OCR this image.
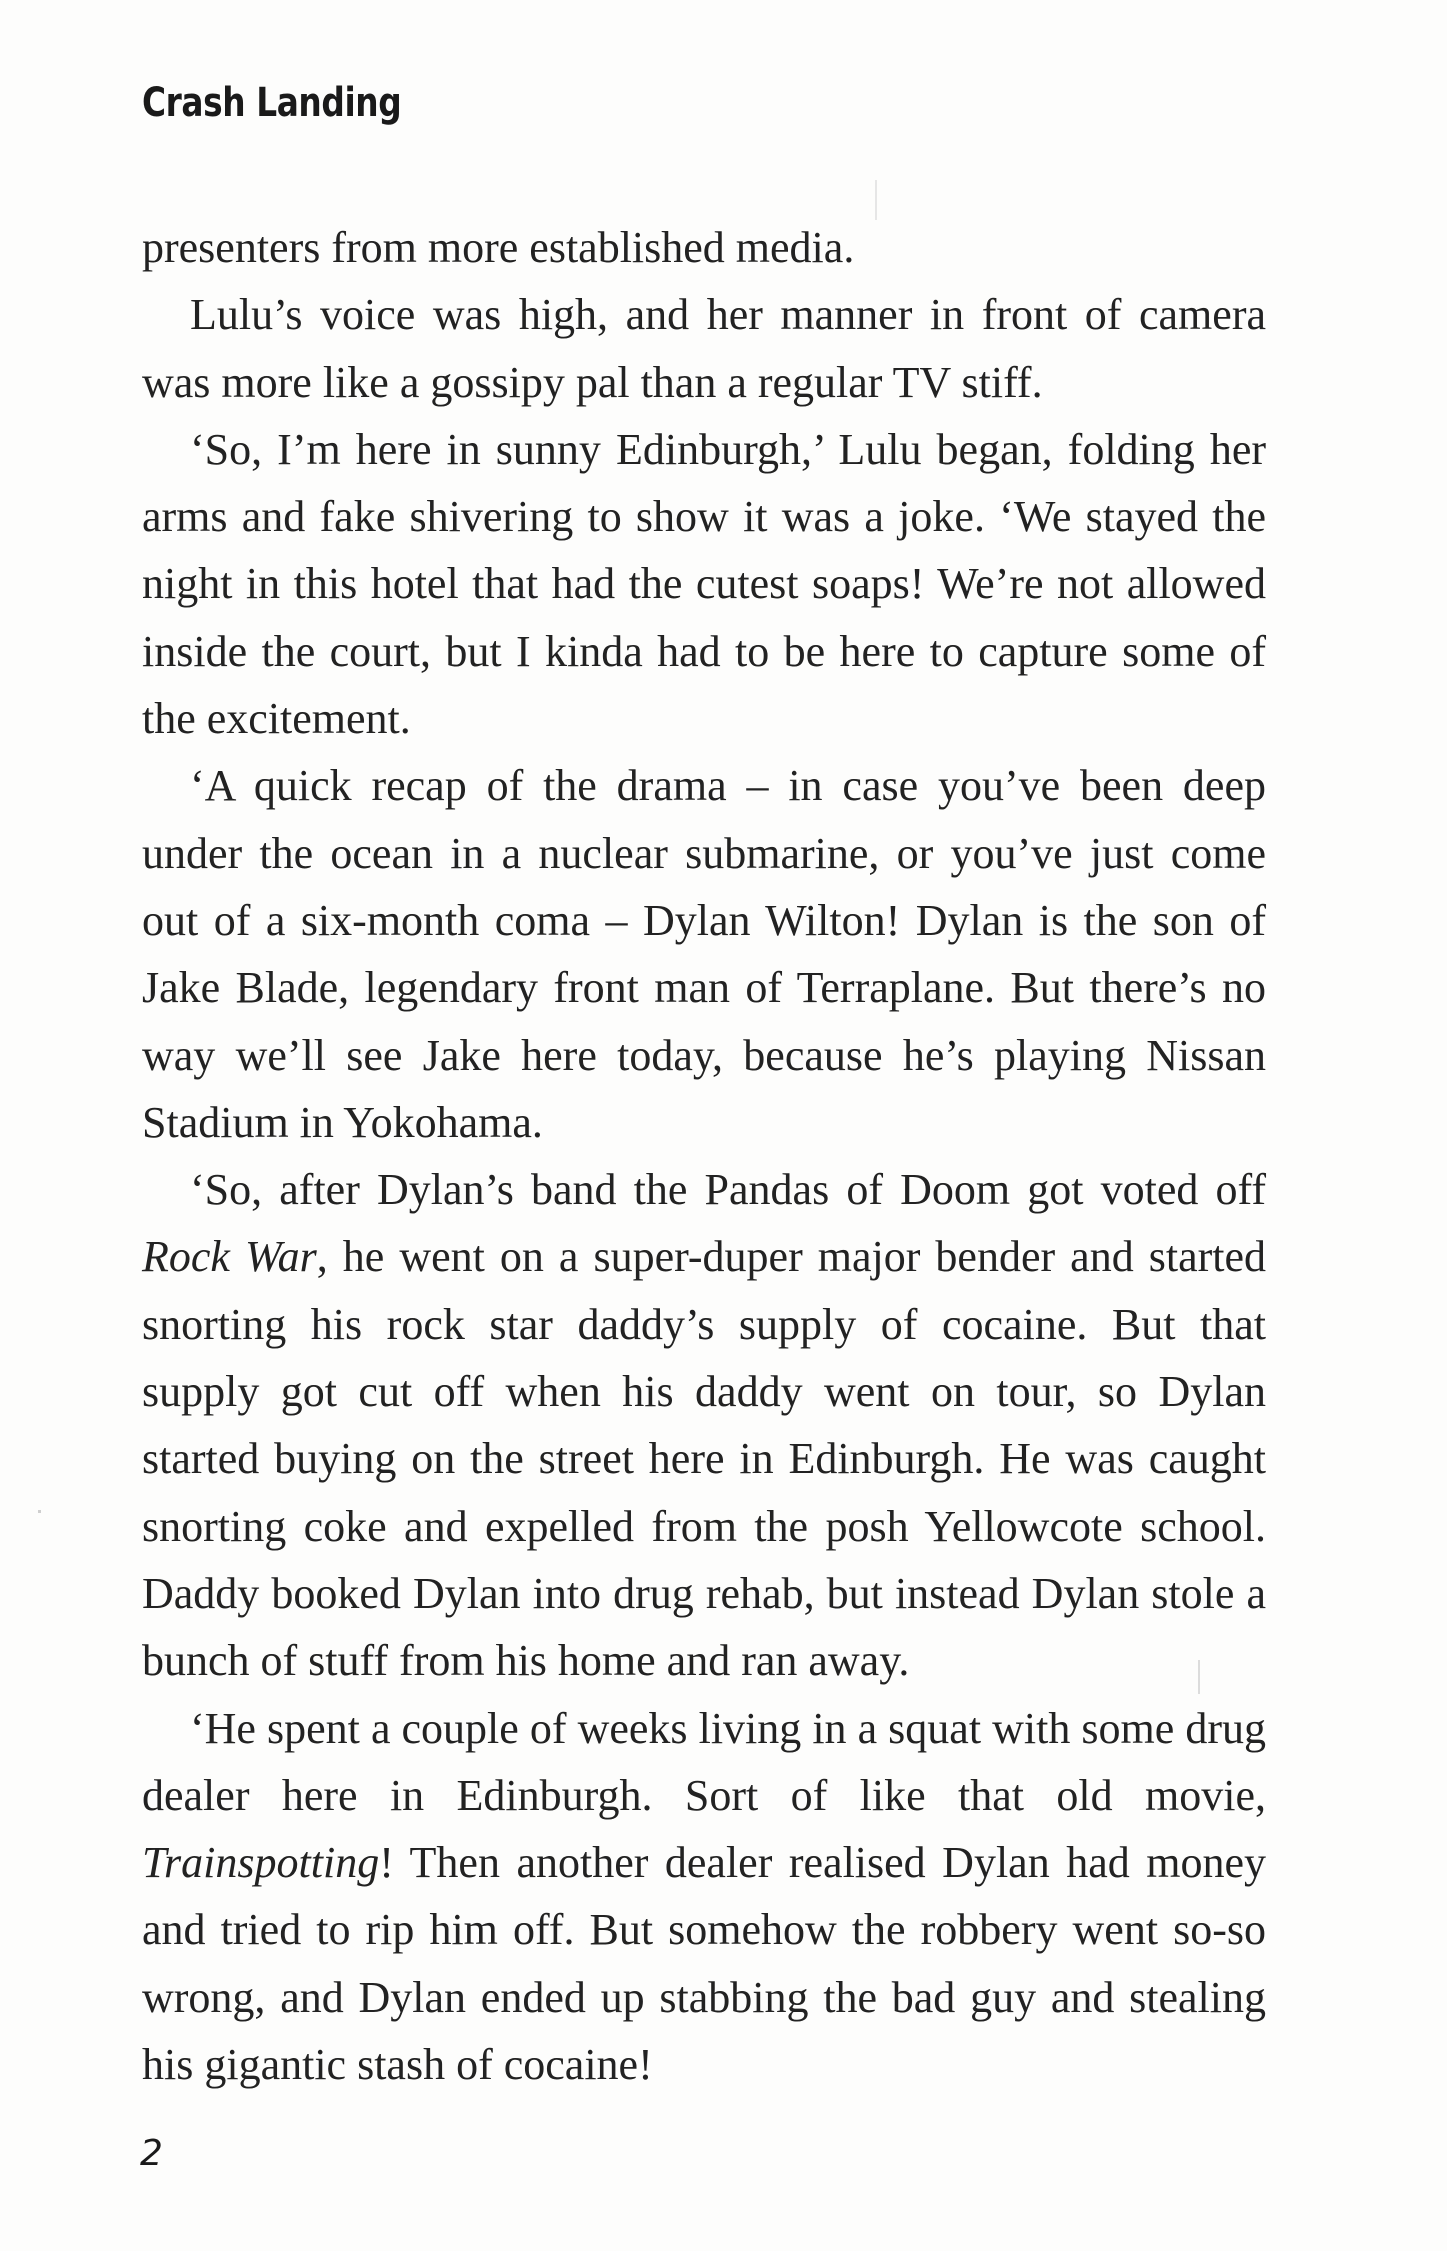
Crash Landing

presenters from more established media.

Lulu’s voice was high, and her manner in front of camera was more like a gossipy pal than a regular TV stiff.

‘So, I’m here in sunny Edinburgh,’ Lulu began, folding her arms and fake shivering to show it was a joke. ‘We stayed the night in this hotel that had the cutest soaps! We’re not allowed inside the court, but I kinda had to be here to capture some of the excitement.

‘A quick recap of the drama – in case you’ve been deep under the ocean in a nuclear submarine, or you’ve just come out of a six-month coma – Dylan Wilton! Dylan is the son of Jake Blade, legendary front man of Terraplane. But there’s no way we’ll see Jake here today, because he’s playing Nissan Stadium in Yokohama.

‘So, after Dylan’s band the Pandas of Doom got voted off Rock War, he went on a super-duper major bender and started snorting his rock star daddy’s supply of cocaine. But that supply got cut off when his daddy went on tour, so Dylan started buying on the street here in Edinburgh. He was caught snorting coke and expelled from the posh Yellowcote school. Daddy booked Dylan into drug rehab, but instead Dylan stole a bunch of stuff from his home and ran away.

‘He spent a couple of weeks living in a squat with some drug dealer here in Edinburgh. Sort of like that old movie, Trainspotting! Then another dealer realised Dylan had money and tried to rip him off. But somehow the robbery went so-so wrong, and Dylan ended up stabbing the bad guy and stealing his gigantic stash of cocaine!

2
